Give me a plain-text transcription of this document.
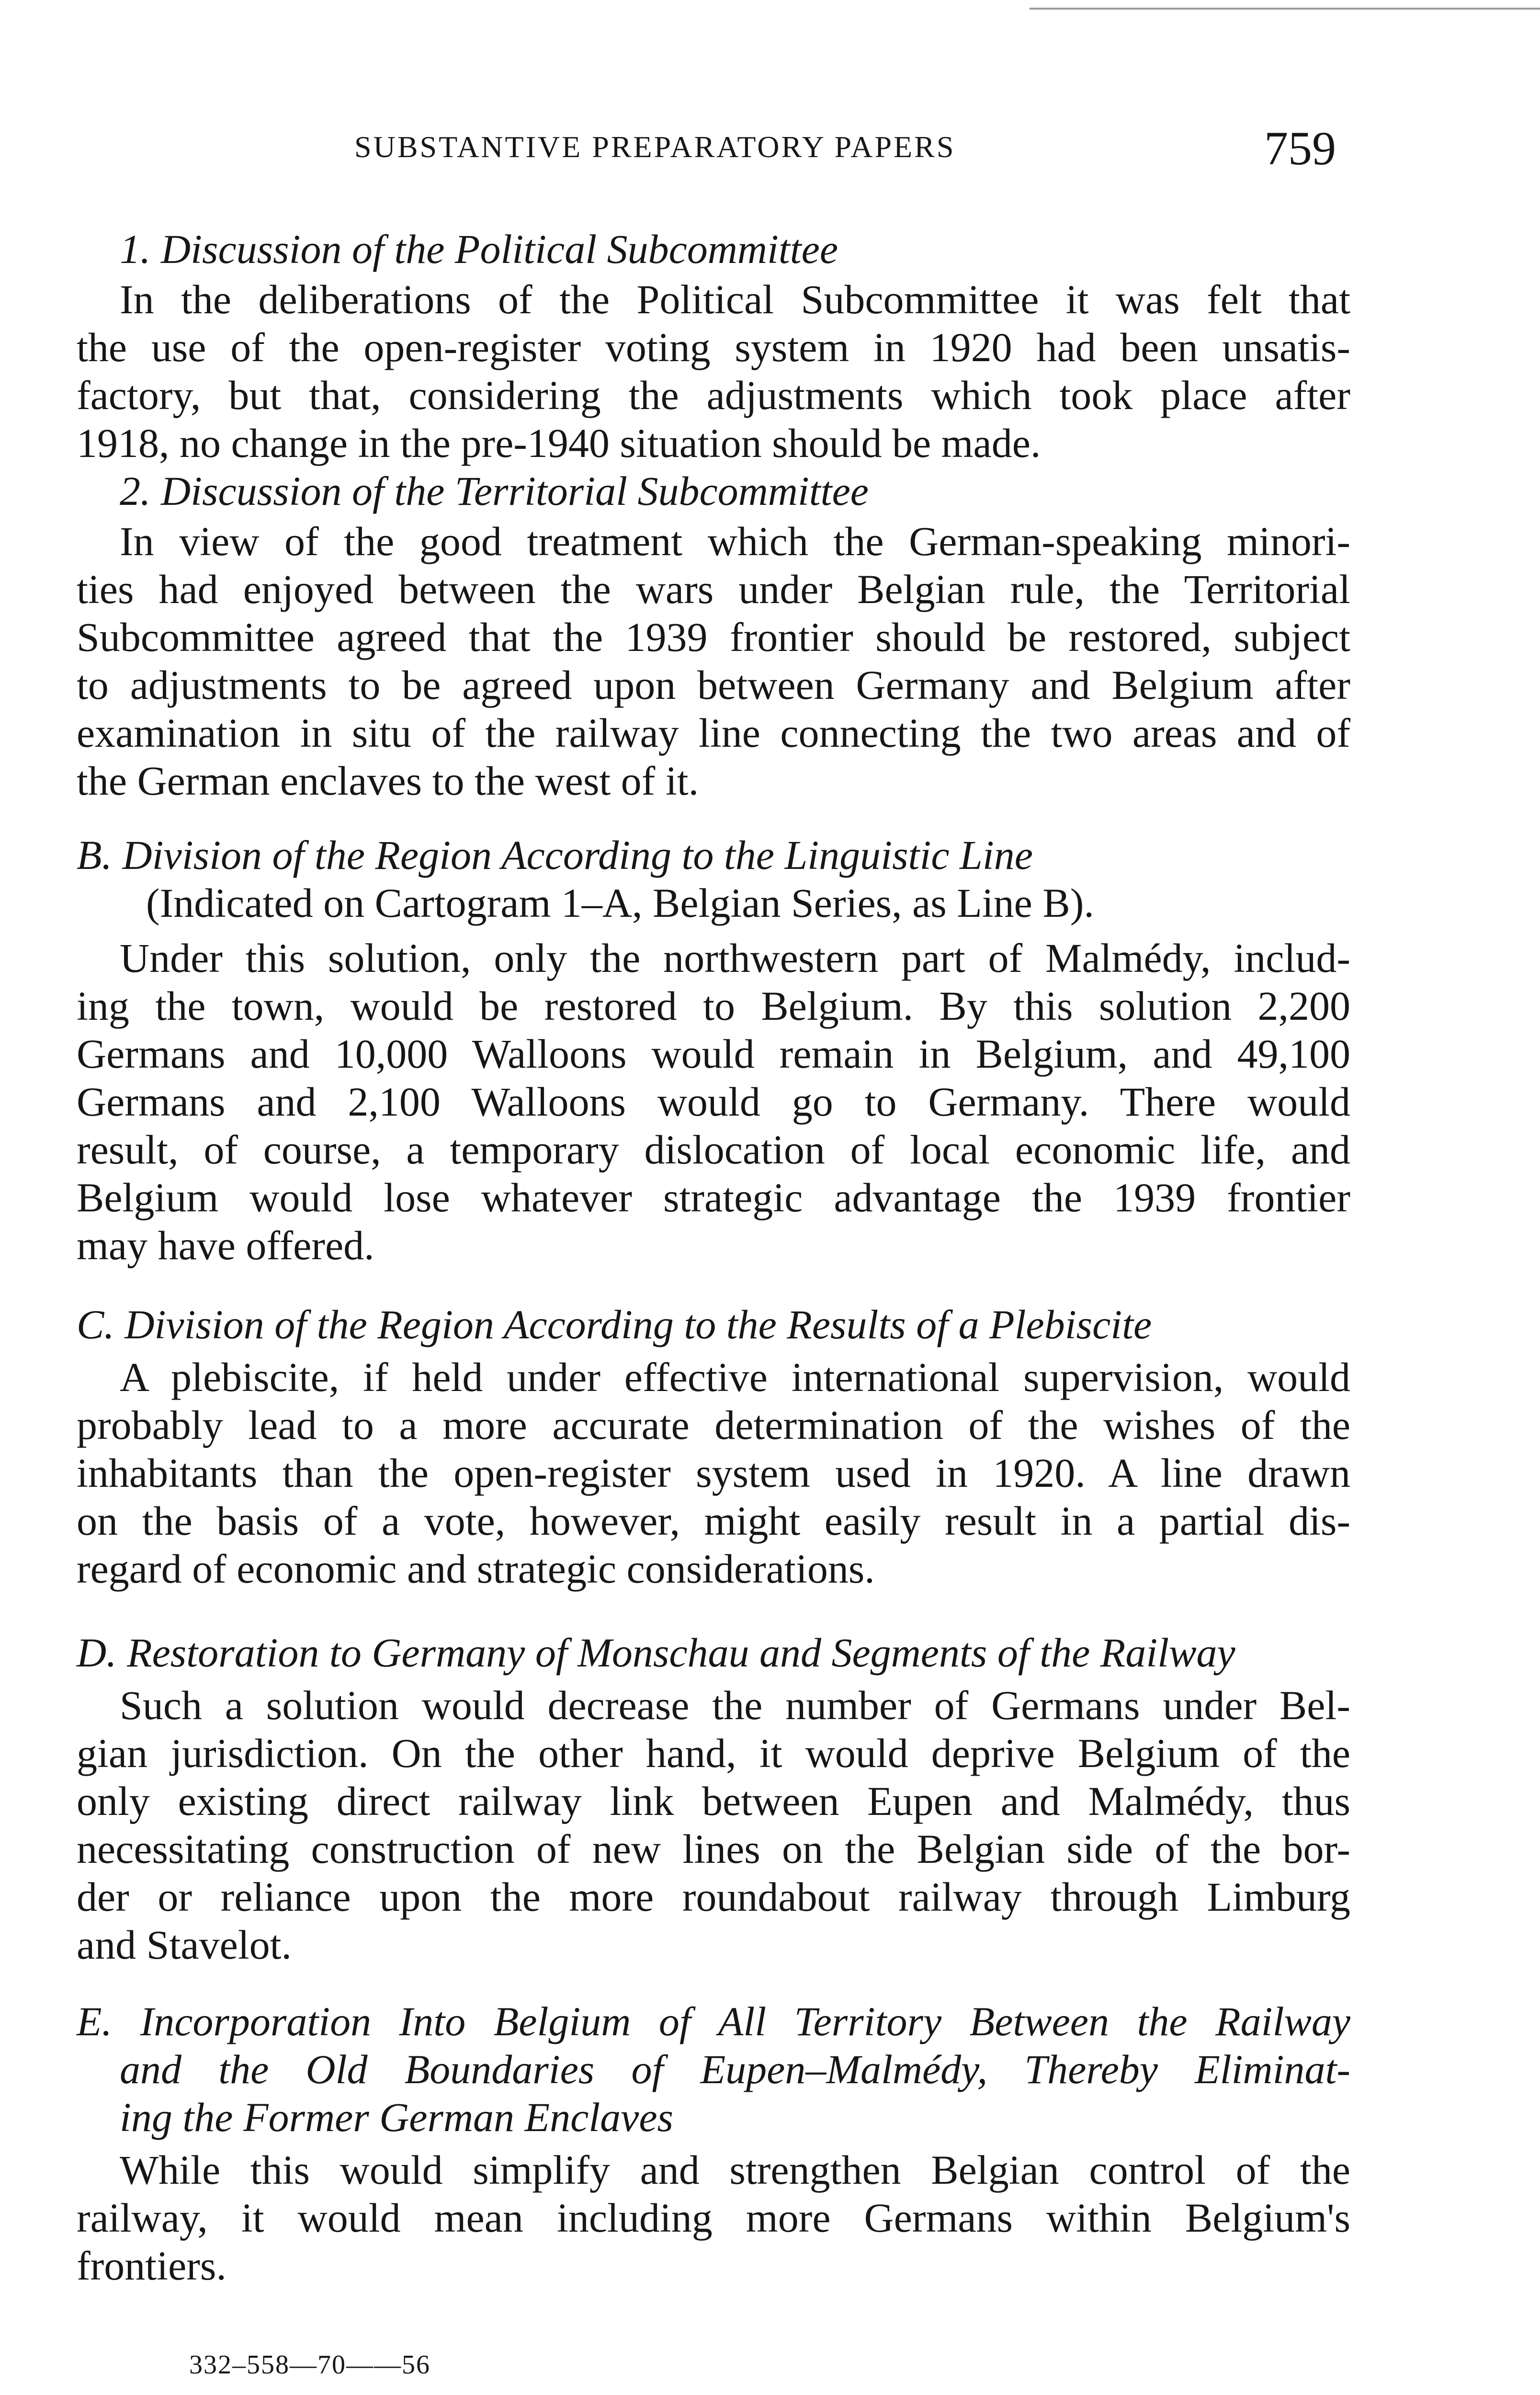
SUBSTANTIVE PREPARATORY PAPERS	759
1. Discussion of the Political Subcommittee
In the deliberations of the Political Subcommittee it was felt that
the use of the open-register voting system in 1920 had been unsatis-
factory, but that, considering the adjustments which took place after
1918, no change in the pre-1940 situation should be made.
2. Discussion of the Territorial Subcommittee
In view of the good treatment which the German-speaking minori-
ties had enjoyed between the wars under Belgian rule, the Territorial
Subcommittee agreed that the 1939 frontier should be restored, subject
to adjustments to be agreed upon between Germany and Belgium after
examination in situ of the railway line connecting the two areas and of
the German enclaves to the west of it.
B. Division of the Region According to the Linguistic Line
(Indicated on Cartogram 1–A, Belgian Series, as Line B).
Under this solution, only the northwestern part of Malmédy, includ-
ing the town, would be restored to Belgium. By this solution 2,200
Germans and 10,000 Walloons would remain in Belgium, and 49,100
Germans and 2,100 Walloons would go to Germany. There would
result, of course, a temporary dislocation of local economic life, and
Belgium would lose whatever strategic advantage the 1939 frontier
may have offered.
C. Division of the Region According to the Results of a Plebiscite
A plebiscite, if held under effective international supervision, would
probably lead to a more accurate determination of the wishes of the
inhabitants than the open-register system used in 1920. A line drawn
on the basis of a vote, however, might easily result in a partial dis-
regard of economic and strategic considerations.
D. Restoration to Germany of Monschau and Segments of the Railway
Such a solution would decrease the number of Germans under Bel-
gian jurisdiction. On the other hand, it would deprive Belgium of the
only existing direct railway link between Eupen and Malmédy, thus
necessitating construction of new lines on the Belgian side of the bor-
der or reliance upon the more roundabout railway through Limburg
and Stavelot.
E. Incorporation Into Belgium of All Territory Between the Railway
and the Old Boundaries of Eupen–Malmédy, Thereby Eliminat-
ing the Former German Enclaves
While this would simplify and strengthen Belgian control of the
railway, it would mean including more Germans within Belgium's
frontiers.
332–558—70——56
